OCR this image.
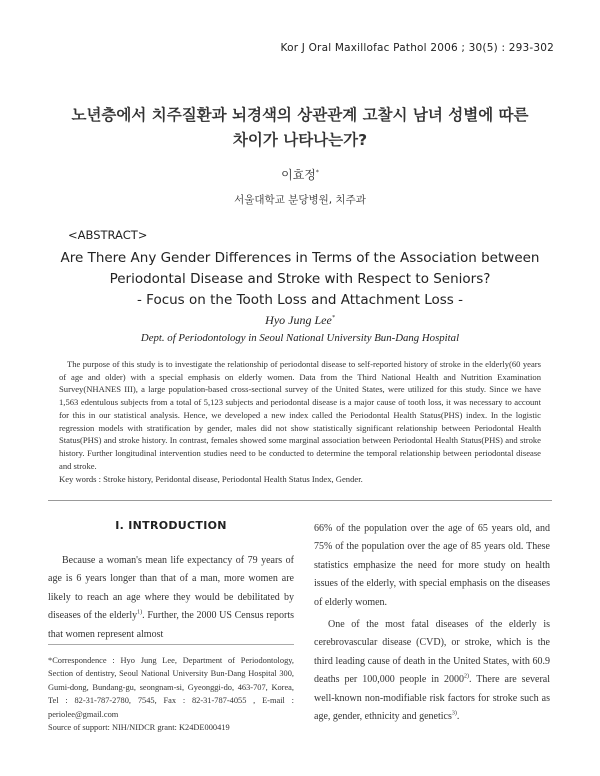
Kor J Oral Maxillofac Pathol 2006 ; 30(5) : 293-302
노년층에서 치주질환과 뇌경색의 상관관계 고찰시 남녀 성별에 따른
차이가 나타나는가?
이효정*
서울대학교 분당병원, 치주과
<ABSTRACT>
Are There Any Gender Differences in Terms of the Association between
Periodontal Disease and Stroke with Respect to Seniors?
- Focus on the Tooth Loss and Attachment Loss -
Hyo Jung Lee*
Dept. of Periodontology in Seoul National University Bun-Dang Hospital
The purpose of this study is to investigate the relationship of periodontal disease to self-reported history of stroke in the elderly(60 years of age and older) with a special emphasis on elderly women. Data from the Third National Health and Nutrition Examination Survey(NHANES III), a large population-based cross-sectional survey of the United States, were utilized for this study. Since we have 1,563 edentulous subjects from a total of 5,123 subjects and periodontal disease is a major cause of tooth loss, it was necessary to account for this in our statistical analysis. Hence, we developed a new index called the Periodontal Health Status(PHS) index. In the logistic regression models with stratification by gender, males did not show statistically significant relationship between Periodontal Health Status(PHS) and stroke history. In contrast, females showed some marginal association between Periodontal Health Status(PHS) and stroke history. Further longitudinal intervention studies need to be conducted to determine the temporal relationship between periodontal disease and stroke.
Key words : Stroke history, Peridontal disease, Periodontal Health Status Index, Gender.
I. INTRODUCTION

Because a woman's mean life expectancy of 79 years of age is 6 years longer than that of a man, more women are likely to reach an age where they would be debilitated by diseases of the elderly$^{1)}$. Further, the 2000 US Census reports that women represent almost

*Correspondence : Hyo Jung Lee, Department of Periodontology, Section of dentistry, Seoul National University Bun-Dang Hospital 300, Gumi-dong, Bundang-gu, seongnam-si, Gyeonggi-do, 463-707, Korea, Tel : 82-31-787-2780, 7545, Fax : 82-31-787-4055 , E-mail : periolee@gmail.com
Source of support: NIH/NIDCR grant: K24DE000419

66% of the population over the age of 65 years old, and 75% of the population over the age of 85 years old. These statistics emphasize the need for more study on health issues of the elderly, with special emphasis on the diseases of elderly women.

One of the most fatal diseases of the elderly is cerebrovascular disease (CVD), or stroke, which is the third leading cause of death in the United States, with 60.9 deaths per 100,000 people in 2000$^{2)}$. There are several well-known non-modifiable risk factors for stroke such as age, gender, ethnicity and genetics$^{3)}$.
